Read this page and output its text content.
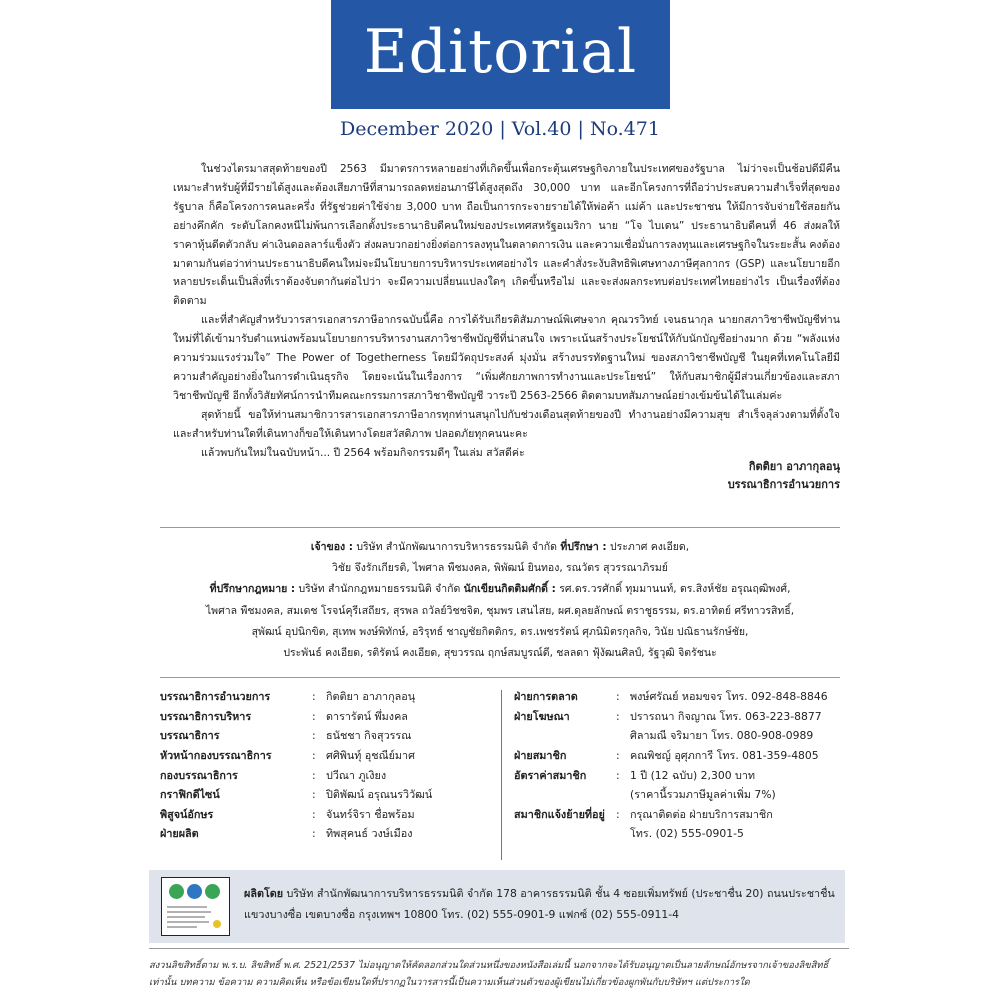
Editorial
December 2020 | Vol.40 | No.471

ในช่วงไตรมาสสุดท้ายของปี 2563 มีมาตรการหลายอย่างที่เกิดขึ้นเพื่อกระตุ้นเศรษฐกิจภายในประเทศของรัฐบาล ไม่ว่าจะเป็นช้อปดีมีคืน เหมาะสำหรับผู้ที่มีรายได้สูงและต้องเสียภาษีที่สามารถลดหย่อนภาษีได้สูงสุดถึง 30,000 บาท และอีกโครงการที่ถือว่าประสบความสำเร็จที่สุดของรัฐบาล ก็คือโครงการคนละครึ่ง ที่รัฐช่วยค่าใช้จ่าย 3,000 บาท ถือเป็นการกระจายรายได้ให้พ่อค้า แม่ค้า และประชาชน ให้มีการจับจ่ายใช้สอยกันอย่างคึกคัก ระดับโลกคงหนีไม่พ้นการเลือกตั้งประธานาธิบดีคนใหม่ของประเทศสหรัฐอเมริกา นาย “โจ ไบเดน” ประธานาธิบดีคนที่ 46 ส่งผลให้ราคาหุ้นดีดตัวกลับ ค่าเงินดอลลาร์แข็งตัว ส่งผลบวกอย่างยิ่งต่อการลงทุนในตลาดการเงิน และความเชื่อมั่นการลงทุนและเศรษฐกิจในระยะสั้น คงต้องมาตามกันต่อว่าท่านประธานาธิบดีคนใหม่จะมีนโยบายการบริหารประเทศอย่างไร และคำสั่งระงับสิทธิพิเศษทางภาษีศุลกากร (GSP) และนโยบายอีกหลายประเด็นเป็นสิ่งที่เราต้องจับตากันต่อไปว่า จะมีความเปลี่ยนแปลงใดๆ เกิดขึ้นหรือไม่ และจะส่งผลกระทบต่อประเทศไทยอย่างไร เป็นเรื่องที่ต้องติดตาม

และที่สำคัญสำหรับวารสารเอกสารภาษีอากรฉบับนี้คือ การได้รับเกียรติสัมภาษณ์พิเศษจาก คุณวรวิทย์ เจนธนากุล นายกสภาวิชาชีพบัญชีท่านใหม่ที่ได้เข้ามารับตำแหน่งพร้อมนโยบายการบริหารงานสภาวิชาชีพบัญชีที่น่าสนใจ เพราะเน้นสร้างประโยชน์ให้กับนักบัญชีอย่างมาก ด้วย “พลังแห่งความร่วมแรงร่วมใจ” The Power of Togetherness โดยมีวัตถุประสงค์ มุ่งมั่น สร้างบรรทัดฐานใหม่ ของสภาวิชาชีพบัญชี ในยุคที่เทคโนโลยีมีความสำคัญอย่างยิ่งในการดำเนินธุรกิจ โดยจะเน้นในเรื่องการ “เพิ่มศักยภาพการทำงานและประโยชน์” ให้กับสมาชิกผู้มีส่วนเกี่ยวข้องและสภาวิชาชีพบัญชี อีกทั้งวิสัยทัศน์การนำทีมคณะกรรมการสภาวิชาชีพบัญชี วาระปี 2563-2566 ติดตามบทสัมภาษณ์อย่างเข้มข้นได้ในเล่มค่ะ

สุดท้ายนี้ ขอให้ท่านสมาชิกวารสารเอกสารภาษีอากรทุกท่านสนุกไปกับช่วงเดือนสุดท้ายของปี ทำงานอย่างมีความสุข สำเร็จลุล่วงตามที่ตั้งใจ และสำหรับท่านใดที่เดินทางก็ขอให้เดินทางโดยสวัสดิภาพ ปลอดภัยทุกคนนะคะ

แล้วพบกันใหม่ในฉบับหน้า... ปี 2564 พร้อมกิจกรรมดีๆ ในเล่ม สวัสดีค่ะ

กิตติยา อาภากุลอนุ
บรรณาธิการอำนวยการ
เจ้าของ : บริษัท สำนักพัฒนาการบริหารธรรมนิติ จำกัด ที่ปรึกษา : ประภาศ คงเอียด,
วิชัย จึงรักเกียรติ, ไพศาล พืชมงคล, พิพัฒน์ ยินทอง, รณวัตร สุวรรณาภิรมย์
ที่ปรึกษากฎหมาย : บริษัท สำนักกฎหมายธรรมนิติ จำกัด นักเขียนกิตติมศักดิ์ : รศ.ดร.วรศักดิ์ ทุมมานนท์, ดร.สิงห์ชัย อรุณฤฒิพงศ์,
ไพศาล พืชมงคล, สมเดช โรจน์คุรีเสถียร, สุรพล ถวัลย์วิชชจิต, ชุมพร เสนไสย, ผศ.ดุลยลักษณ์ ตราชูธรรม, ดร.อาทิตย์ ศรีทาวรสิทธิ์,
สุพัฒน์ อุปนิกขิต, สุเทพ พงษ์พิทักษ์, อริรุทธ์ ชาญชัยกิตติกร, ดร.เพชรรัตน์ ศุภนิมิตรกุลกิจ, วินัย ปณิธานรักษ์ชัย,
ประพันธ์ คงเอียด, รติรัตน์ คงเอียด, สุขวรรณ ฤกษ์สมบูรณ์ดี, ชลลดา ฟุ้งัฒนศิลป์, รัฐวุฒิ จิตรัชนะ
บรรณาธิการอำนวยการ	: กิตติยา อาภากุลอนุ
บรรณาธิการบริหาร	: ดารารัตน์ พึ่มงคล
บรรณาธิการ	: ธนัชชา กิจสุวรรณ
หัวหน้ากองบรรณาธิการ	: ศศิพินทุ์ อุชณีย์มาศ
กองบรรณาธิการ	: ปวีณา ภูเงิยง
กราฟิกดีไซน์	: ปิติพัฒน์ อรุณนรวิวัฒน์
พิสูจน์อักษร	: จันทร์จิรา ชื่อพร้อม
ฝ่ายผลิต	: ทิพสุคนธ์ วงษ์เมือง
ฝ่ายการตลาด	: พงษ์ศรัณย์ หอมขจร โทร. 092-848-8846
ฝ่ายโฆษณา	: ปรารถนา กิจญาณ โทร. 063-223-8877
ศิลามณี จริมายา โทร. 080-908-0989
ฝ่ายสมาชิก	: คณพิชญ์ อุศุภการี โทร. 081-359-4805
อัตราค่าสมาชิก	: 1 ปี (12 ฉบับ) 2,300 บาท
(ราคานี้รวมภาษีมูลค่าเพิ่ม 7%)
สมาชิกแจ้งย้ายที่อยู่	: กรุณาติดต่อ ฝ่ายบริการสมาชิก
โทร. (02) 555-0901-5
ผลิตโดย บริษัท สำนักพัฒนาการบริหารธรรมนิติ จำกัด 178 อาคารธรรมนิติ ชั้น 4 ซอยเพิ่มทรัพย์ (ประชาชื่น 20) ถนนประชาชื่น
แขวงบางซื่อ เขตบางซื่อ กรุงเทพฯ 10800 โทร. (02) 555-0901-9 แฟกซ์ (02) 555-0911-4
สงวนลิขสิทธิ์ตาม พ.ร.บ. ลิขสิทธิ์ พ.ศ. 2521/2537 ไม่อนุญาตให้คัดลอกส่วนใดส่วนหนึ่งของหนังสือเล่มนี้ นอกจากจะได้รับอนุญาตเป็นลายลักษณ์อักษรจากเจ้าของลิขสิทธิ์เท่านั้น บทความ ข้อความ ความคิดเห็น หรือข้อเขียนใดที่ปรากฏในวารสารนี้เป็นความเห็นส่วนตัวของผู้เขียนไม่เกี่ยวข้องผูกพันกับบริษัทฯ แต่ประการใด
